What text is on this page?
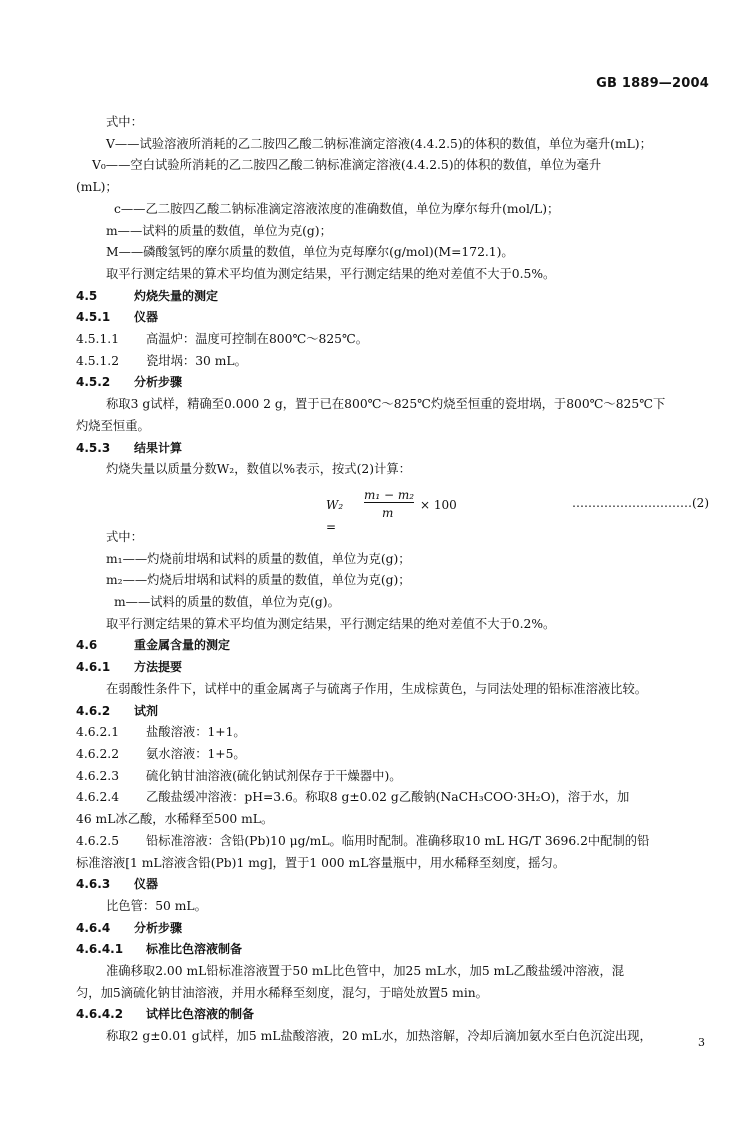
GB 1889—2004
式中：
V——试验溶液所消耗的乙二胺四乙酸二钠标准滴定溶液(4.4.2.5)的体积的数值，单位为毫升(mL)；
V₀——空白试验所消耗的乙二胺四乙酸二钠标准滴定溶液(4.4.2.5)的体积的数值，单位为毫升
(mL)；
c——乙二胺四乙酸二钠标准滴定溶液浓度的准确数值，单位为摩尔每升(mol/L)；
m——试料的质量的数值，单位为克(g)；
M——磷酸氢钙的摩尔质量的数值，单位为克每摩尔(g/mol)(M=172.1)。
取平行测定结果的算术平均值为测定结果，平行测定结果的绝对差值不大于0.5%。
4.5	灼烧失量的测定
4.5.1 仪器
4.5.1.1 高温炉：温度可控制在800℃～825℃。
4.5.1.2 瓷坩埚：30 mL。
4.5.2 分析步骤
称取3 g试样，精确至0.000 2 g，置于已在800℃～825℃灼烧至恒重的瓷坩埚，于800℃～825℃下
灼烧至恒重。
4.5.3 结果计算
灼烧失量以质量分数W₂，数值以%表示，按式(2)计算：
W₂ =
m₁ − m₂
m
× 100	…………………………(2)
式中：
m₁——灼烧前坩埚和试料的质量的数值，单位为克(g)；
m₂——灼烧后坩埚和试料的质量的数值，单位为克(g)；
m——试料的质量的数值，单位为克(g)。
取平行测定结果的算术平均值为测定结果，平行测定结果的绝对差值不大于0.2%。
4.6	重金属含量的测定
4.6.1 方法提要
在弱酸性条件下，试样中的重金属离子与硫离子作用，生成棕黄色，与同法处理的铅标准溶液比较。
4.6.2 试剂
4.6.2.1 盐酸溶液：1+1。
4.6.2.2 氨水溶液：1+5。
4.6.2.3 硫化钠甘油溶液(硫化钠试剂保存于干燥器中)。
4.6.2.4 乙酸盐缓冲溶液：pH=3.6。称取8 g±0.02 g乙酸钠(NaCH₃COO·3H₂O)，溶于水，加
46 mL冰乙酸，水稀释至500 mL。
4.6.2.5 铅标准溶液：含铅(Pb)10 μg/mL。临用时配制。准确移取10 mL HG/T 3696.2中配制的铅
标准溶液[1 mL溶液含铅(Pb)1 mg]，置于1 000 mL容量瓶中，用水稀释至刻度，摇匀。
4.6.3 仪器
比色管：50 mL。
4.6.4 分析步骤
4.6.4.1 标准比色溶液制备
准确移取2.00 mL铅标准溶液置于50 mL比色管中，加25 mL水，加5 mL乙酸盐缓冲溶液，混
匀，加5滴硫化钠甘油溶液，并用水稀释至刻度，混匀，于暗处放置5 min。
4.6.4.2 试样比色溶液的制备
称取2 g±0.01 g试样，加5 mL盐酸溶液，20 mL水，加热溶解，冷却后滴加氨水至白色沉淀出现，	3
